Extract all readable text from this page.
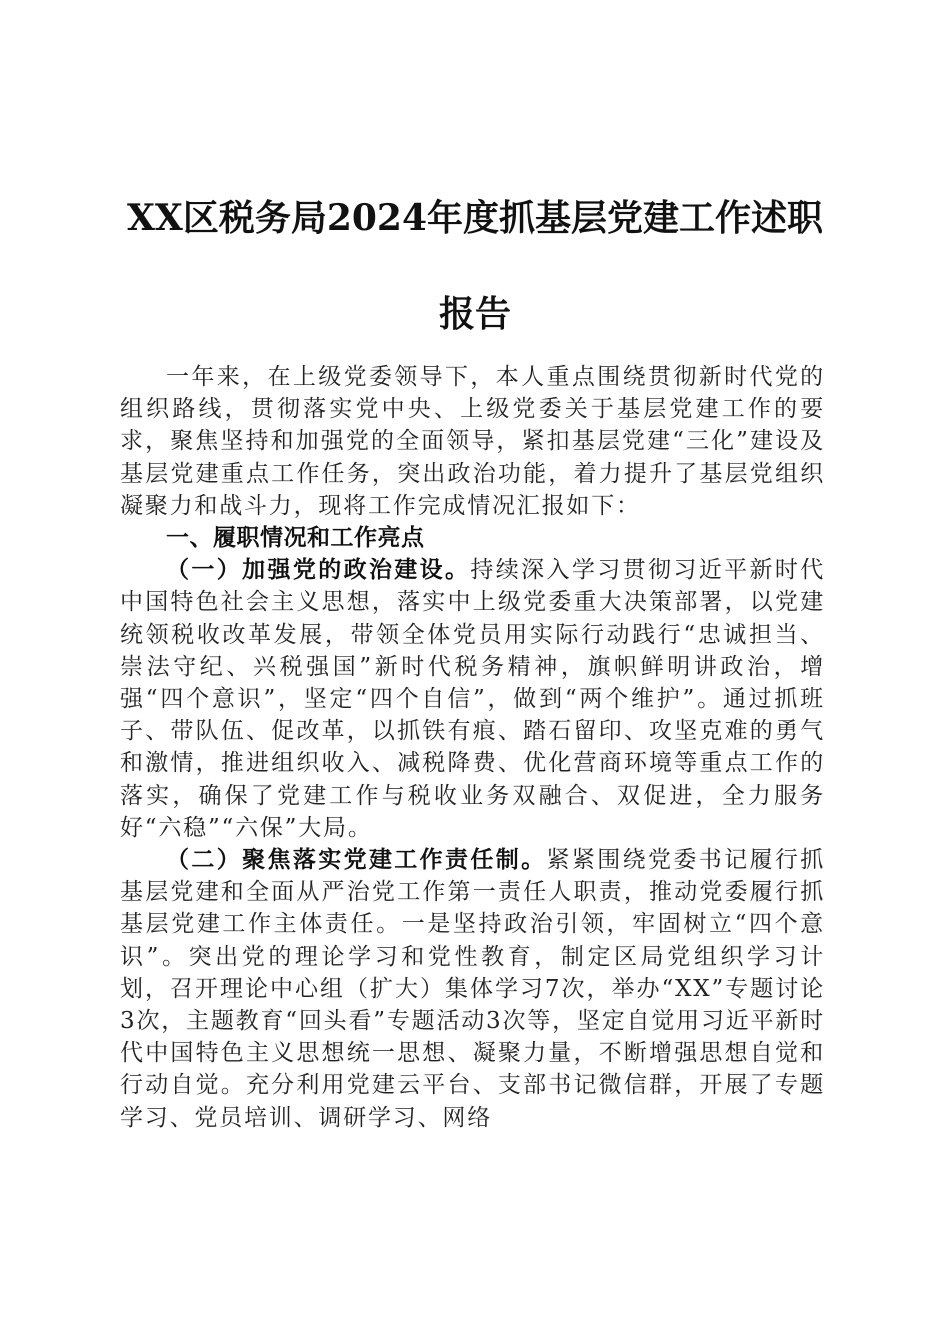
XX区税务局2024年度抓基层党建工作述职报告

一年来，在上级党委领导下，本人重点围绕贯彻新时代党的组织路线，贯彻落实党中央、上级党委关于基层党建工作的要求，聚焦坚持和加强党的全面领导，紧扣基层党建“三化”建设及基层党建重点工作任务，突出政治功能，着力提升了基层党组织凝聚力和战斗力，现将工作完成情况汇报如下：

一、履职情况和工作亮点

（一）加强党的政治建设。持续深入学习贯彻习近平新时代中国特色社会主义思想，落实中上级党委重大决策部署，以党建统领税收改革发展，带领全体党员用实际行动践行“忠诚担当、崇法守纪、兴税强国”新时代税务精神，旗帜鲜明讲政治，增强“四个意识”，坚定“四个自信”，做到“两个维护”。通过抓班子、带队伍、促改革，以抓铁有痕、踏石留印、攻坚克难的勇气和激情，推进组织收入、减税降费、优化营商环境等重点工作的落实，确保了党建工作与税收业务双融合、双促进，全力服务好“六稳”“六保”大局。

（二）聚焦落实党建工作责任制。紧紧围绕党委书记履行抓基层党建和全面从严治党工作第一责任人职责，推动党委履行抓基层党建工作主体责任。一是坚持政治引领，牢固树立“四个意识”。突出党的理论学习和党性教育，制定区局党组织学习计划，召开理论中心组（扩大）集体学习7次，举办“XX”专题讨论3次，主题教育“回头看”专题活动3次等，坚定自觉用习近平新时代中国特色主义思想统一思想、凝聚力量，不断增强思想自觉和行动自觉。充分利用党建云平台、支部书记微信群，开展了专题学习、党员培训、调研学习、网络
